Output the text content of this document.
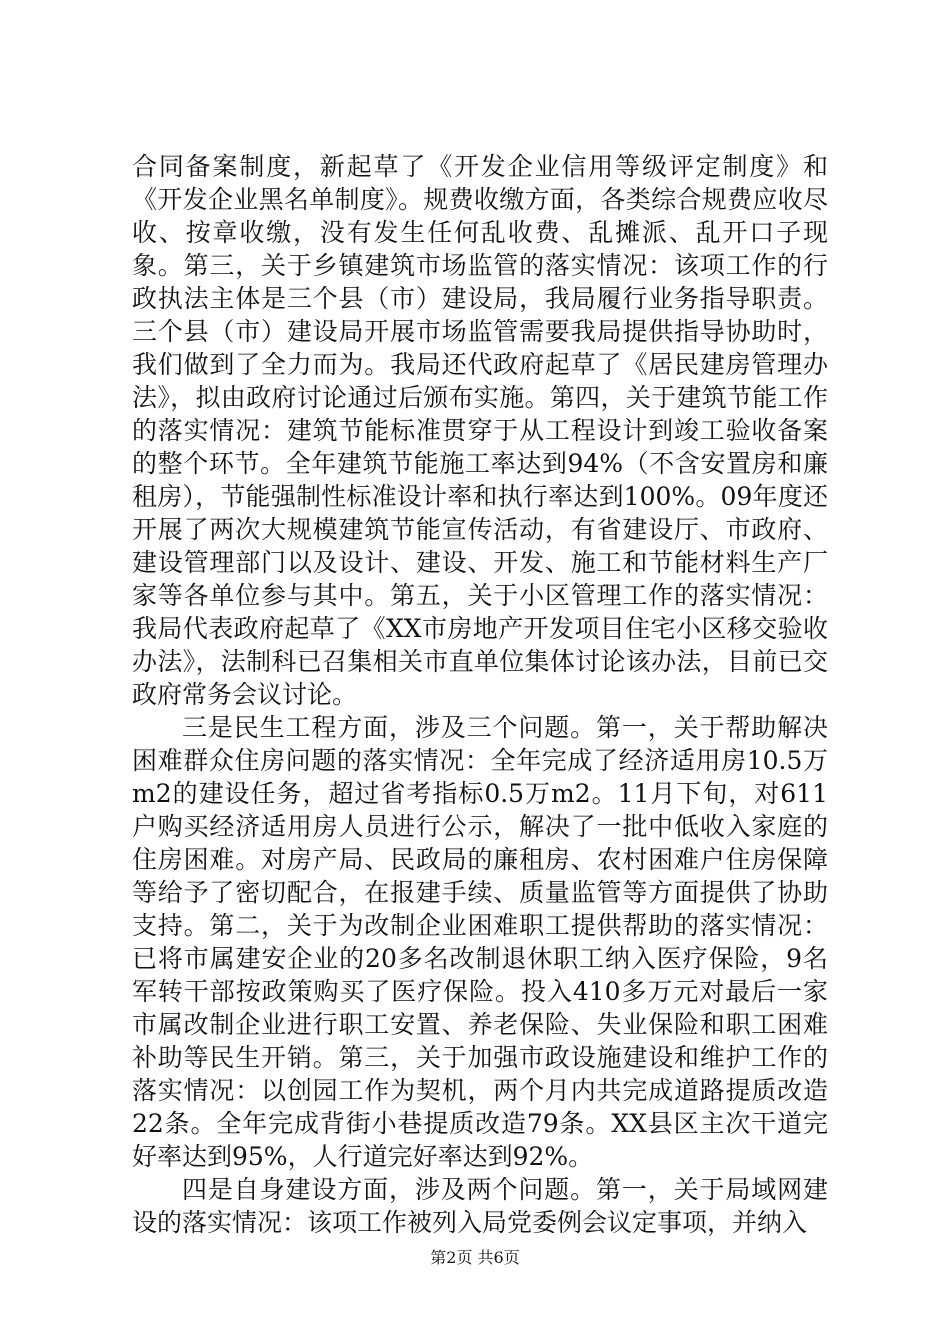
合同备案制度，新起草了《开发企业信用等级评定制度》和《开发企业黑名单制度》。规费收缴方面，各类综合规费应收尽收、按章收缴，没有发生任何乱收费、乱摊派、乱开口子现象。第三，关于乡镇建筑市场监管的落实情况：该项工作的行政执法主体是三个县（市）建设局，我局履行业务指导职责。三个县（市）建设局开展市场监管需要我局提供指导协助时，我们做到了全力而为。我局还代政府起草了《居民建房管理办法》，拟由政府讨论通过后颁布实施。第四，关于建筑节能工作的落实情况：建筑节能标准贯穿于从工程设计到竣工验收备案的整个环节。全年建筑节能施工率达到94%（不含安置房和廉租房），节能强制性标准设计率和执行率达到100%。09年度还开展了两次大规模建筑节能宣传活动，有省建设厅、市政府、建设管理部门以及设计、建设、开发、施工和节能材料生产厂家等各单位参与其中。第五，关于小区管理工作的落实情况：我局代表政府起草了《XX市房地产开发项目住宅小区移交验收办法》，法制科已召集相关市直单位集体讨论该办法，目前已交政府常务会议讨论。

三是民生工程方面，涉及三个问题。第一，关于帮助解决困难群众住房问题的落实情况：全年完成了经济适用房10.5万m2的建设任务，超过省考指标0.5万m2。11月下旬，对611户购买经济适用房人员进行公示，解决了一批中低收入家庭的住房困难。对房产局、民政局的廉租房、农村困难户住房保障等给予了密切配合，在报建手续、质量监管等方面提供了协助支持。第二，关于为改制企业困难职工提供帮助的落实情况：已将市属建安企业的20多名改制退休职工纳入医疗保险，9名军转干部按政策购买了医疗保险。投入410多万元对最后一家市属改制企业进行职工安置、养老保险、失业保险和职工困难补助等民生开销。第三，关于加强市政设施建设和维护工作的落实情况：以创园工作为契机，两个月内共完成道路提质改造22条。全年完成背街小巷提质改造79条。XX县区主次干道完好率达到95%，人行道完好率达到92%。

四是自身建设方面，涉及两个问题。第一，关于局域网建设的落实情况：该项工作被列入局党委例会议定事项，并纳入

第2页 共6页
